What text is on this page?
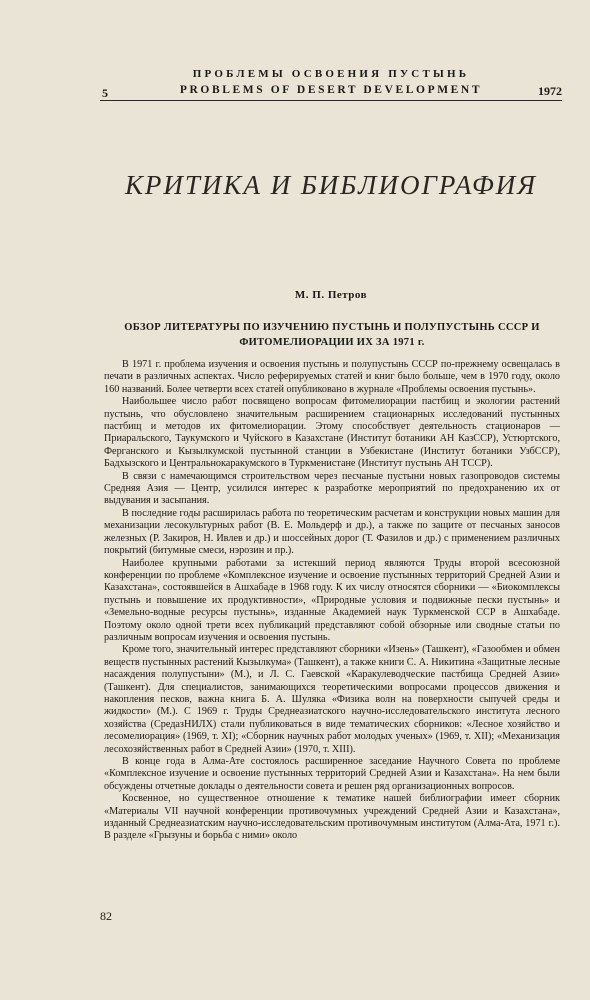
5
ПРОБЛЕМЫ ОСВОЕНИЯ ПУСТЫНЬ
PROBLEMS OF DESERT DEVELOPMENT	1972
КРИТИКА И БИБЛИОГРАФИЯ
М. П. Петров
ОБЗОР ЛИТЕРАТУРЫ ПО ИЗУЧЕНИЮ ПУСТЫНЬ И ПОЛУПУСТЫНЬ СССР И ФИТОМЕЛИОРАЦИИ ИХ ЗА 1971 г.

В 1971 г. проблема изучения и освоения пустынь и полупустынь СССР по-прежнему освещалась в печати в различных аспектах. Число реферируемых статей и книг было больше, чем в 1970 году, около 160 названий. Более четверти всех статей опубликовано в журнале «Проблемы освоения пустынь».

Наибольшее число работ посвящено вопросам фитомелиорации пастбищ и экологии растений пустынь, что обусловлено значительным расширением стационарных исследований пустынных пастбищ и методов их фитомелиорации. Этому способствует деятельность стационаров — Приаральского, Таукумского и Чуйского в Казахстане (Институт ботаники АН КазССР), Устюртского, Ферганского и Кызылкумской пустынной станции в Узбекистане (Институт ботаники УзбССР), Бадхызского и Центральнокаракумского в Туркменистане (Институт пустынь АН ТССР).

В связи с намечающимся строительством через песчаные пустыни новых газопроводов системы Средняя Азия — Центр, усилился интерес к разработке мероприятий по предохранению их от выдувания и засыпания.

В последние годы расширилась работа по теоретическим расчетам и конструкции новых машин для механизации лесокультурных работ (В. Е. Мольдерф и др.), а также по защите от песчаных заносов железных (Р. Закиров, Н. Ивлев и др.) и шоссейных дорог (Т. Фазилов и др.) с применением различных покрытий (битумные смеси, нэрозин и пр.).

Наиболее крупными работами за истекший период являются Труды второй всесоюзной конференции по проблеме «Комплексное изучение и освоение пустынных территорий Средней Азии и Казахстана», состоявшейся в Ашхабаде в 1968 году. К их числу относятся сборники — «Биокомплексы пустынь и повышение их продуктивности», «Природные условия и подвижные пески пустынь» и «Земельно-водные ресурсы пустынь», изданные Академией наук Туркменской ССР в Ашхабаде. Поэтому около одной трети всех публикаций представляют собой обзорные или сводные статьи по различным вопросам изучения и освоения пустынь.

Кроме того, значительный интерес представляют сборники «Изень» (Ташкент), «Газообмен и обмен веществ пустынных растений Кызылкума» (Ташкент), а также книги С. А. Никитина «Защитные лесные насаждения полупустыни» (М.), и Л. С. Гаевской «Каракулеводческие пастбища Средней Азии» (Ташкент). Для специалистов, занимающихся теоретическими вопросами процессов движения и накопления песков, важна книга Б. А. Шуляка «Физика волн на поверхности сыпучей среды и жидкости» (М.). С 1969 г. Труды Среднеазиатского научно-исследовательского института лесного хозяйства (СредазНИЛХ) стали публиковаться в виде тематических сборников: «Лесное хозяйство и лесомелиорация» (1969, т. XI); «Сборник научных работ молодых ученых» (1969, т. XII); «Механизация лесохозяйственных работ в Средней Азии» (1970, т. XIII).

В конце года в Алма-Ате состоялось расширенное заседание Научного Совета по проблеме «Комплексное изучение и освоение пустынных территорий Средней Азии и Казахстана». На нем были обсуждены отчетные доклады о деятельности совета и решен ряд организационных вопросов.

Косвенное, но существенное отношение к тематике нашей библиографии имеет сборник «Материалы VII научной конференции противочумных учреждений Средней Азии и Казахстана», изданный Среднеазиатским научно-исследовательским противочумным институтом (Алма-Ата, 1971 г.). В разделе «Грызуны и борьба с ними» около

82
